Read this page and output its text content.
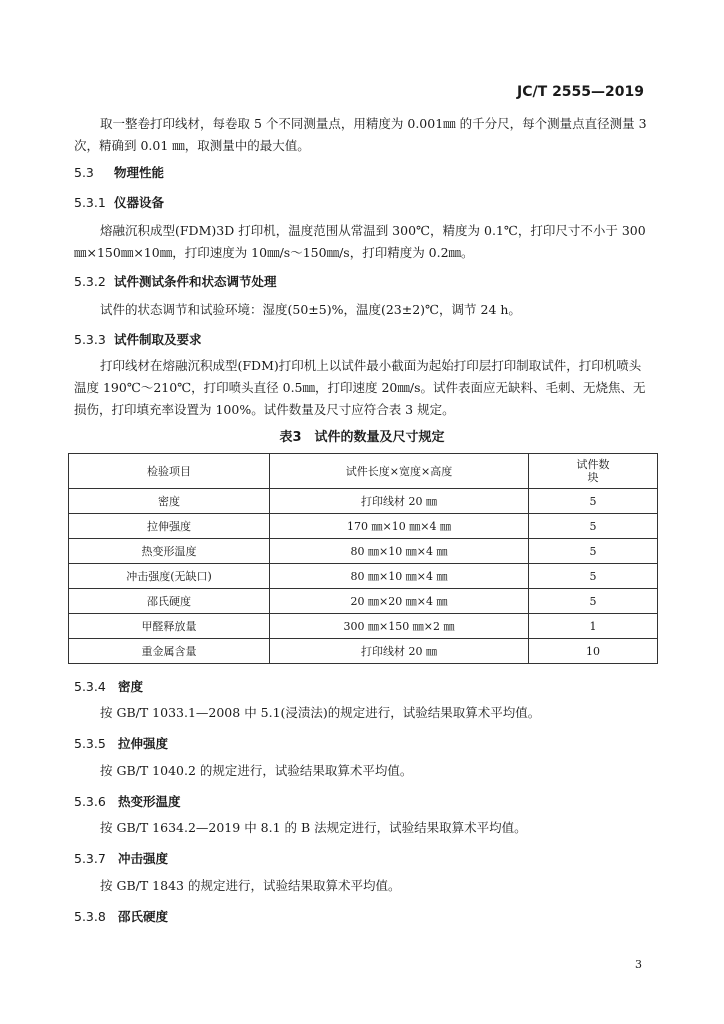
JC/T 2555—2019
取一整卷打印线材，每卷取 5 个不同测量点，用精度为 0.001㎜ 的千分尺，每个测量点直径测量 3 次，精确到 0.01 ㎜，取测量中的最大值。
5.3 物理性能
5.3.1 仪器设备
熔融沉积成型(FDM)3D 打印机，温度范围从常温到 300℃，精度为 0.1℃，打印尺寸不小于 300㎜×150㎜×10㎜，打印速度为 10㎜/s～150㎜/s，打印精度为 0.2㎜。
5.3.2 试件测试条件和状态调节处理
试件的状态调节和试验环境：湿度(50±5)%，温度(23±2)℃，调节 24 h。
5.3.3 试件制取及要求
打印线材在熔融沉积成型(FDM)打印机上以试件最小截面为起始打印层打印制取试件，打印机喷头温度 190℃～210℃，打印喷头直径 0.5㎜，打印速度 20㎜/s。试件表面应无缺料、毛刺、无烧焦、无损伤，打印填充率设置为 100%。试件数量及尺寸应符合表 3 规定。
表3　试件的数量及尺寸规定
检验项目	试件长度×宽度×高度	试件数
块
密度	打印线材 20 ㎜	5
拉伸强度	170 ㎜×10 ㎜×4 ㎜	5
热变形温度	80 ㎜×10 ㎜×4 ㎜	5
冲击强度(无缺口)	80 ㎜×10 ㎜×4 ㎜	5
邵氏硬度	20 ㎜×20 ㎜×4 ㎜	5
甲醛释放量	300 ㎜×150 ㎜×2 ㎜	1
重金属含量	打印线材 20 ㎜	10
5.3.4 密度
按 GB/T 1033.1—2008 中 5.1(浸渍法)的规定进行，试验结果取算术平均值。
5.3.5 拉伸强度
按 GB/T 1040.2 的规定进行，试验结果取算术平均值。
5.3.6 热变形温度
按 GB/T 1634.2—2019 中 8.1 的 B 法规定进行，试验结果取算术平均值。
5.3.7 冲击强度
按 GB/T 1843 的规定进行，试验结果取算术平均值。
5.3.8 邵氏硬度
3
